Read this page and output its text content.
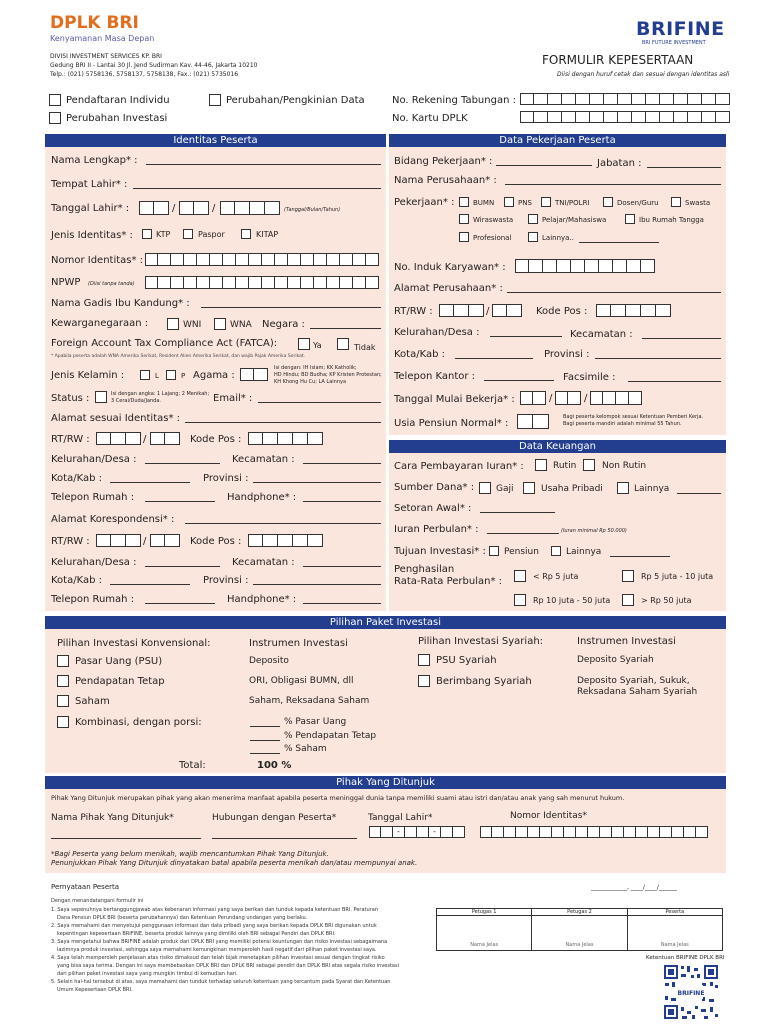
DPLK BRI
Kenyamanan Masa Depan
DIVISI INVESTMENT SERVICES KP. BRI
Gedung BRI II - Lantai 30 Jl. Jend Sudirman Kav. 44-46, Jakarta 10210
Telp.: (021) 5758136, 5758137, 5758138, Fax.: (021) 5735016
BRIFINE
BRI FUTURE INVESTMENT
FORMULIR KEPESERTAAN
Diisi dengan huruf cetak dan sesuai dengan identitas asli
Pendaftaran Individu	Perubahan/Pengkinian Data
Perubahan Investasi
No. Rekening Tabungan :
No. Kartu DPLK
Identitas Peserta
Nama Lengkap* :
Tempat Lahir* :
Tanggal Lahir* :	/	/	(Tanggal/Bulan/Tahun)
Jenis Identitas* :	KTP	Paspor	KITAP
Nomor Identitas* :
NPWP (Diisi tanpa tanda)
Nama Gadis Ibu Kandung* :
Kewarganegaraan :	WNI	WNA Negara :
Foreign Account Tax Compliance Act (FATCA):	Ya	Tidak
* Apabila peserta adalah WNA Amerika Serikat, Resident Alien Amerika Serikat, dan wajib Pajak Amerika Serikat.
Jenis Kelamin :	L	P Agama :
Isi dengan: IH Islam; KK Katholik;
HD Hindu; BD Budha; KP Kristen Protestan;
KH Khong Hu Cu; LA Lainnya
Status :	Isi dengan angka: 1 Lajang; 2 Menikah;
3 Cerai/Duda/Janda.	Email* :
Alamat sesuai Identitas* :
RT/RW :	/	Kode Pos :
Kelurahan/Desa :	Kecamatan :
Kota/Kab :	Provinsi :
Telepon Rumah :	Handphone* :
Alamat Korespondensi* :
RT/RW :	/	Kode Pos :
Kelurahan/Desa :	Kecamatan :
Kota/Kab :	Provinsi :
Telepon Rumah :	Handphone* :
Data Pekerjaan Peserta
Bidang Pekerjaan* :	Jabatan :
Nama Perusahaan* :
Pekerjaan* :	BUMN	PNS	TNI/POLRI	Dosen/Guru	Swasta
Wiraswasta	Pelajar/Mahasiswa	Ibu Rumah Tangga
Profesional	Lainnya..
No. Induk Karyawan* :
Alamat Perusahaan* :
RT/RW :	/	Kode Pos :
Kelurahan/Desa :	Kecamatan :
Kota/Kab :	Provinsi :
Telepon Kantor :	Facsimile :
Tanggal Mulai Bekerja* :	/	/
Usia Pensiun Normal* :
Bagi peserta kelompok sesuai Ketentuan Pemberi Kerja.
Bagi peserta mandiri adalah minimal 55 Tahun.
Data Keuangan
Cara Pembayaran Iuran* :	Rutin	Non Rutin
Sumber Dana* : Gaji	Usaha Pribadi	Lainnya
Setoran Awal* :
Iuran Perbulan* :	(Iuran minimal Rp 50.000)
Tujuan Investasi* : Pensiun	Lainnya
Penghasilan
Rata-Rata Perbulan* :	< Rp 5 juta	Rp 5 juta - 10 juta
Rp 10 juta - 50 juta	> Rp 50 juta
Pilihan Paket Investasi
Pilihan Investasi Konvensional:	Instrumen Investasi	Pilihan Investasi Syariah:	Instrumen Investasi
Pasar Uang (PSU)	Deposito	PSU Syariah	Deposito Syariah
Pendapatan Tetap	ORI, Obligasi BUMN, dll	Berimbang Syariah	Deposito Syariah, Sukuk,
Reksadana Saham Syariah
Saham	Saham, Reksadana Saham
Kombinasi, dengan porsi:	% Pasar Uang
% Pendapatan Tetap
% Saham
Total:	100 %
Pihak Yang Ditunjuk
Pihak Yang Ditunjuk merupakan pihak yang akan menerima manfaat apabila peserta meninggal dunia tanpa memiliki suami atau istri dan/atau anak yang sah menurut hukum.
Nama Pihak Yang Ditunjuk*	Hubungan dengan Peserta*	Tanggal Lahir*
-	-
Nomor Identitas*
*Bagi Peserta yang belum menikah, wajib mencantumkan Pihak Yang Ditunjuk.
Penunjukkan Pihak Yang Ditunjuk dinyatakan batal apabila peserta menikah dan/atau mempunyai anak.
Pernyataan Peserta	____________, ____/____/______
Dengan menandatangani formulir ini
1. Saya sepenuhnya bertanggungjawab atas kebenaran informasi yang saya berikan dan tunduk kepada ketentuan BRI. Peraturan
Dana Pensiun DPLK BRI (beserta perubahannya) dan Ketentuan Perundang undangan yang berlaku.
2. Saya memahami dan menyetujui penggunaan informasi dan data pribadi yang saya berikan kepada DPLK BRI digunakan untuk
kepentingan kepesertaan BRIFINE, beserta produk lainnya yang dimiliki oleh BRI sebagai Pendiri dan DPLK BRI.
3. Saya mengetahui bahwa BRIFINE adalah produk dari DPLK BRI yang memiliki potensi keuntungan dan risiko investasi sebagaimana
lazimnya produk investasi, sehingga saya memahami kemungkinan memperoleh hasil negatif dari pilihan paket investasi saya.
4. Saya telah memperoleh penjelasan atas risiko dimaksud dan telah bijak menetapkan pilihan investasi sesuai dengan tingkat risiko
yang bisa saya terima. Dengan ini saya membebaskan DPLK BRI dan DPLK BRI sebagai pendiri dan DPLK BRI atas segala risiko investasi
dari pilihan paket investasi saya yang mungkin timbul di kemudian hari.
5. Selain hal-hal tersebut di atas, saya memahami dan tunduk terhadap seluruh ketentuan yang tercantum pada Syarat dan Ketentuan
Umum Kepesertaan DPLK BRI.
Petugas 1
Nama Jelas
Petugas 2
Nama Jelas
Peserta
Nama Jelas
Ketentuan BRIFINE DPLK BRI
BRIFINE
